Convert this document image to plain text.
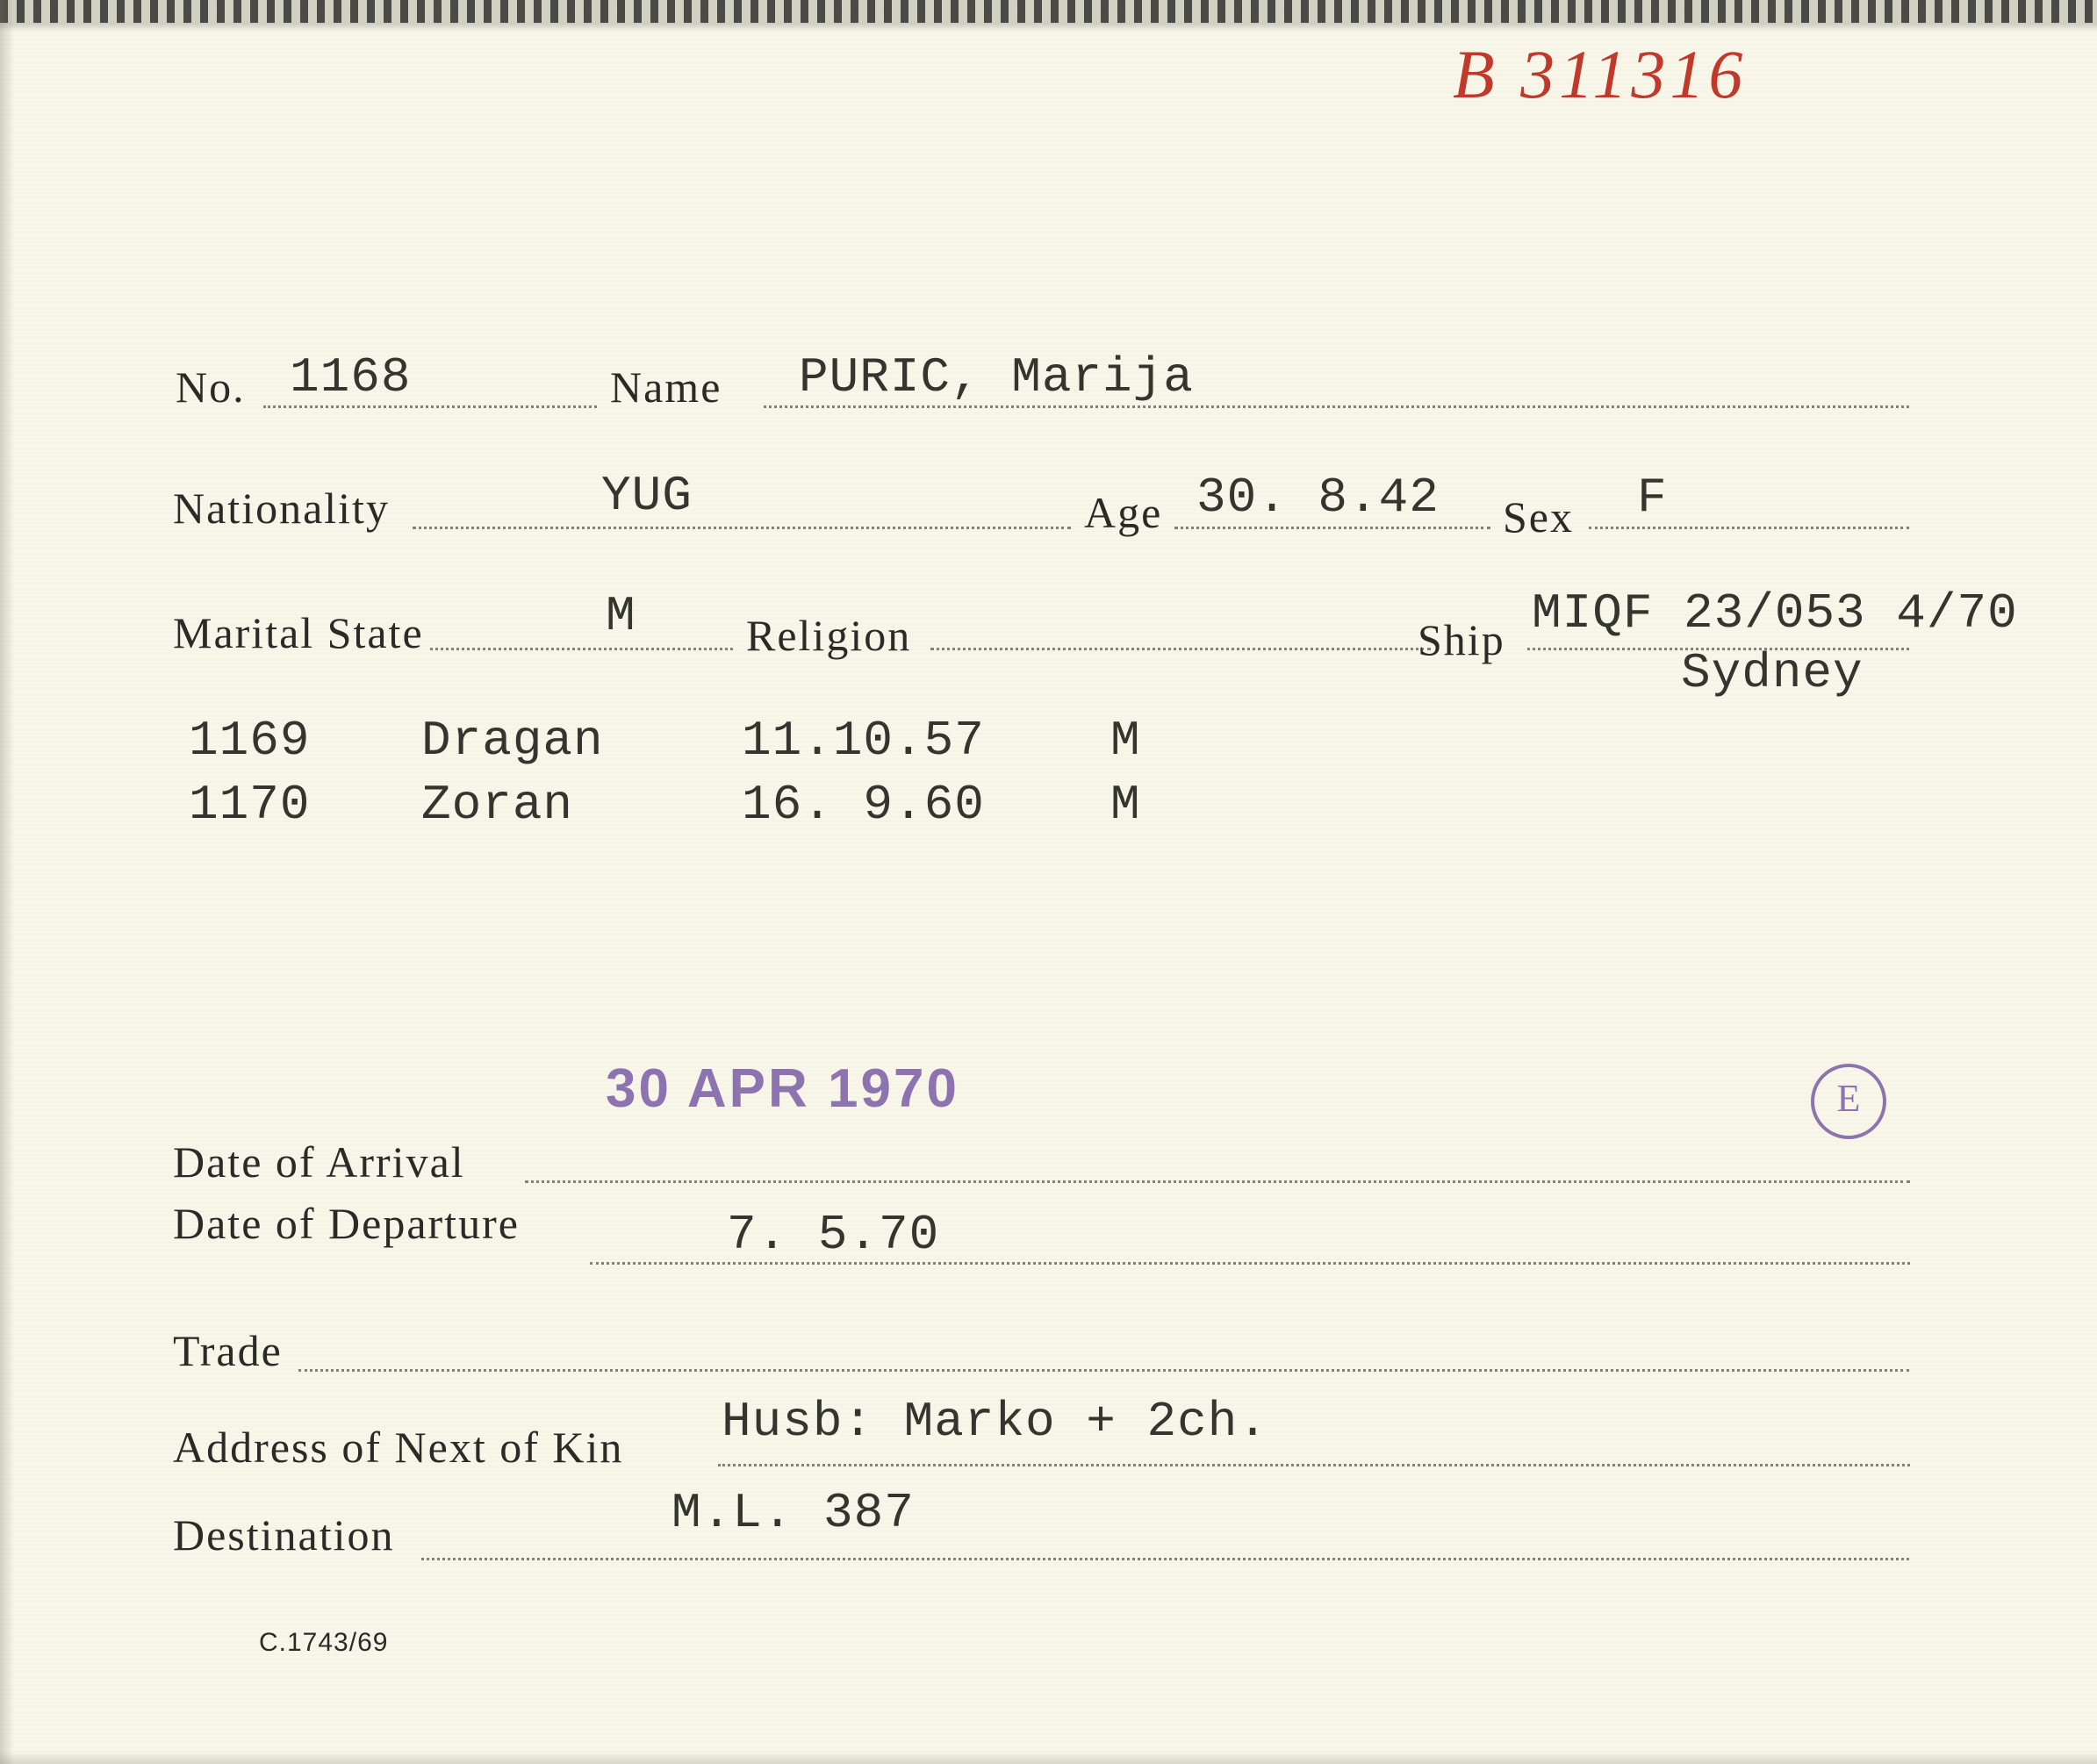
B 311316
No. 1168	Name PURIC, Marija
Nationality	YUG	Age 30. 8.42 Sex F
Marital State	M	Religion	Ship MIQF 23/053 4/70
Sydney
1169 Dragan	11.10.57	M
1170 Zoran	16. 9.60	M
30 APR 1970	E
Date of Arrival
Date of Departure	7. 5.70
Trade
Address of Next of Kin Husb: Marko + 2ch.
Destination	M.L. 387
C.1743/69
